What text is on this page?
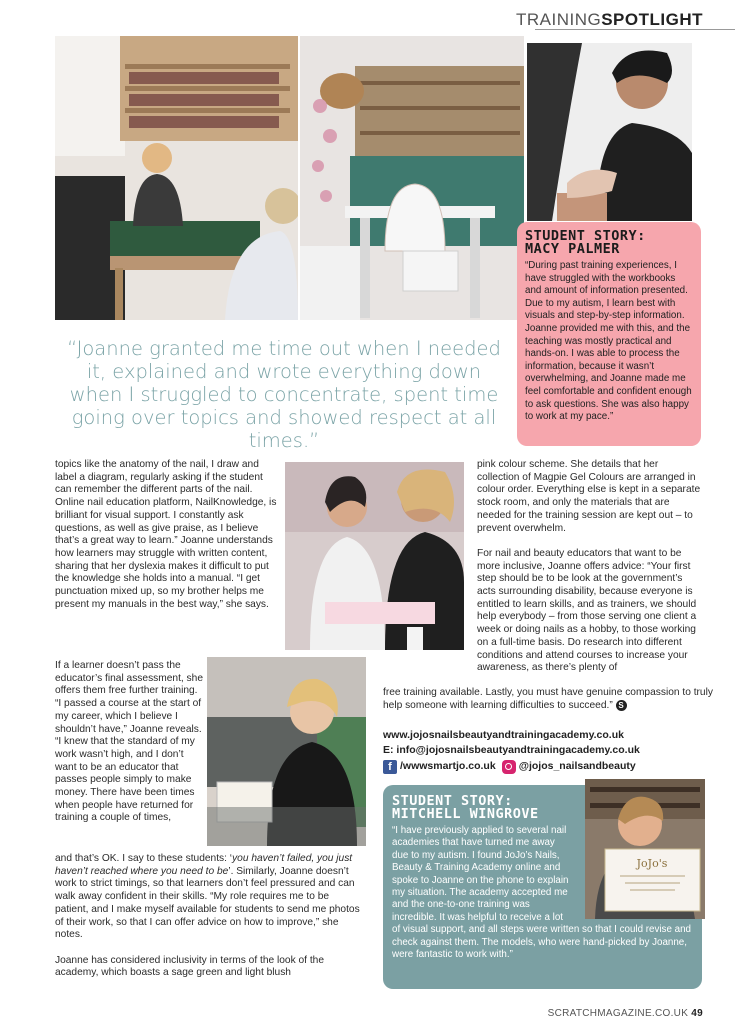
TRAININGSPOTLIGHT
STUDENT STORY:
MACY PALMER
“During past training experiences, I have struggled with the workbooks and amount of information presented. Due to my autism, I learn best with visuals and step-by-step information. Joanne provided me with this, and the teaching was mostly practical and hands-on. I was able to process the information, because it wasn’t overwhelming, and Joanne made me feel comfortable and confident enough to ask questions. She was also happy to work at my pace.”
“Joanne granted me time out when I needed it, explained and wrote everything down when I struggled to concentrate, spent time going over topics and showed respect at all times.”

topics like the anatomy of the nail, I draw and label a diagram, regularly asking if the student can remember the different parts of the nail. Online nail education platform, NailKnowledge, is brilliant for visual support. I constantly ask questions, as well as give praise, as I believe that’s a great way to learn.” Joanne understands how learners may struggle with written content, sharing that her dyslexia makes it difficult to put the knowledge she holds into a manual. “I get punctuation mixed up, so my brother helps me present my manuals in the best way,” she says.

If a learner doesn’t pass the educator’s final assessment, she offers them free further training. “I passed a course at the start of my career, which I believe I shouldn’t have,” Joanne reveals. “I knew that the standard of my work wasn’t high, and I don’t want to be an educator that passes people simply to make money. There have been times when people have returned for training a couple of times,

and that’s OK. I say to these students: ‘you haven’t failed, you just haven’t reached where you need to be’. Similarly, Joanne doesn’t work to strict timings, so that learners don’t feel pressured and can walk away confident in their skills. “My role requires me to be patient, and I make myself available for students to send me photos of their work, so that I can offer advice on how to improve,” she notes.

Joanne has considered inclusivity in terms of the look of the academy, which boasts a sage green and light blush

pink colour scheme. She details that her collection of Magpie Gel Colours are arranged in colour order. Everything else is kept in a separate stock room, and only the materials that are needed for the training session are kept out – to prevent overwhelm.

For nail and beauty educators that want to be more inclusive, Joanne offers advice: “Your first step should be to be look at the government’s acts surrounding disability, because everyone is entitled to learn skills, and as trainers, we should help everybody – from those serving one client a week or doing nails as a hobby, to those working on a full-time basis. Do research into different conditions and attend courses to increase your awareness, as there’s plenty of

free training available. Lastly, you must have genuine compassion to truly help someone with learning difficulties to succeed.” S

www.jojosnailsbeautyandtrainingacademy.co.uk
E: info@jojosnailsbeautyandtrainingacademy.co.uk
f /wwwsmartjo.co.uk @jojos_nailsandbeauty
JoJo's
STUDENT STORY:
MITCHELL WINGROVE
“I have previously applied to several nail academies that have turned me away due to my autism. I found JoJo’s Nails, Beauty & Training Academy online and spoke to Joanne on the phone to explain my situation. The academy accepted me and the one-to-one training was incredible. It was helpful to receive a lot of visual support, and all steps were written so that I could revise and check against them. The models, who were hand-picked by Joanne, were fantastic to work with.”
SCRATCHMAGAZINE.CO.UK 49
